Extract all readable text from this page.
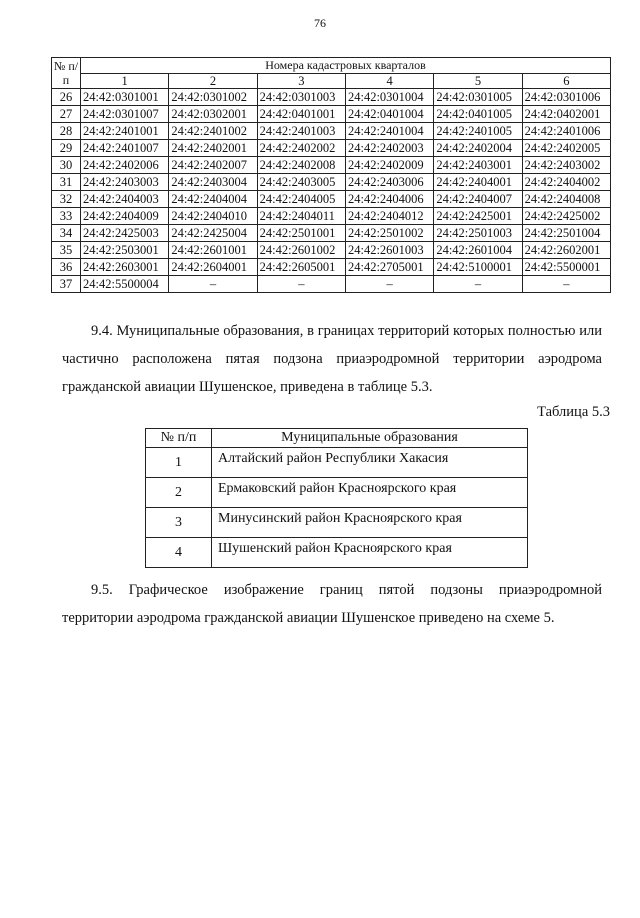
76
№ п/п	Номера кадастровых кварталов					
	1	2	3	4	5	6
26	24:42:0301001	24:42:0301002	24:42:0301003	24:42:0301004	24:42:0301005	24:42:0301006
27	24:42:0301007	24:42:0302001	24:42:0401001	24:42:0401004	24:42:0401005	24:42:0402001
28	24:42:2401001	24:42:2401002	24:42:2401003	24:42:2401004	24:42:2401005	24:42:2401006
29	24:42:2401007	24:42:2402001	24:42:2402002	24:42:2402003	24:42:2402004	24:42:2402005
30	24:42:2402006	24:42:2402007	24:42:2402008	24:42:2402009	24:42:2403001	24:42:2403002
31	24:42:2403003	24:42:2403004	24:42:2403005	24:42:2403006	24:42:2404001	24:42:2404002
32	24:42:2404003	24:42:2404004	24:42:2404005	24:42:2404006	24:42:2404007	24:42:2404008
33	24:42:2404009	24:42:2404010	24:42:2404011	24:42:2404012	24:42:2425001	24:42:2425002
34	24:42:2425003	24:42:2425004	24:42:2501001	24:42:2501002	24:42:2501003	24:42:2501004
35	24:42:2503001	24:42:2601001	24:42:2601002	24:42:2601003	24:42:2601004	24:42:2602001
36	24:42:2603001	24:42:2604001	24:42:2605001	24:42:2705001	24:42:5100001	24:42:5500001
37	24:42:5500004	–	–	–	–	–
9.4. Муниципальные образования, в границах территорий которых полностью или частично расположена пятая подзона приаэродромной территории аэродрома гражданской авиации Шушенское, приведена в таблице 5.3.
Таблица 5.3
№ п/п	Муниципальные образования
1	Алтайский район Республики Хакасия
2	Ермаковский район Красноярского края
3	Минусинский район Красноярского края
4	Шушенский район Красноярского края
9.5. Графическое изображение границ пятой подзоны приаэродромной территории аэродрома гражданской авиации Шушенское приведено на схеме 5.
